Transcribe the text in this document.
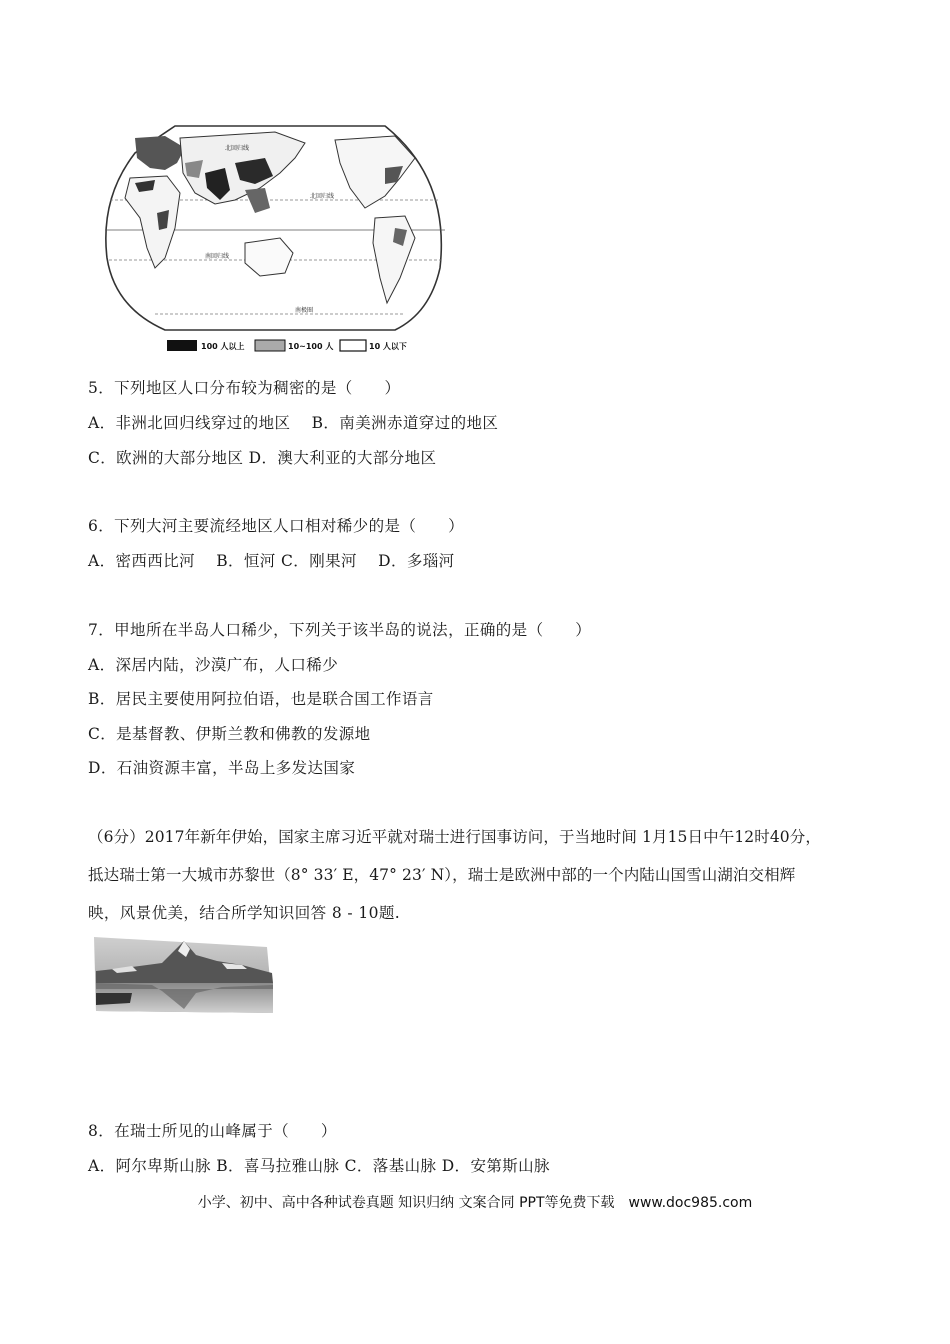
北回归线
北回归线
南回归线
南极圈
100 人以上	10~100 人	10 人以下
5．下列地区人口分布较为稠密的是（　　）
A．非洲北回归线穿过的地区　 B．南美洲赤道穿过的地区
C．欧洲的大部分地区 D．澳大利亚的大部分地区
6．下列大河主要流经地区人口相对稀少的是（　　）
A．密西西比河　 B．恒河 C．刚果河　 D．多瑙河
7．甲地所在半岛人口稀少，下列关于该半岛的说法，正确的是（　　）
A．深居内陆，沙漠广布，人口稀少
B．居民主要使用阿拉伯语，也是联合国工作语言
C．是基督教、伊斯兰教和佛教的发源地
D．石油资源丰富，半岛上多发达国家
（6分）2017年新年伊始，国家主席习近平就对瑞士进行国事访问，于当地时间 1月15日中午12时40分，
抵达瑞士第一大城市苏黎世（8° 33′ E，47° 23′ N），瑞士是欧洲中部的一个内陆山国雪山湖泊交相辉
映，风景优美，结合所学知识回答 8 - 10题.
8．在瑞士所见的山峰属于（　　）
A．阿尔卑斯山脉 B．喜马拉雅山脉 C．落基山脉 D．安第斯山脉
小学、初中、高中各种试卷真题 知识归纳 文案合同 PPT等免费下载　www.doc985.com
